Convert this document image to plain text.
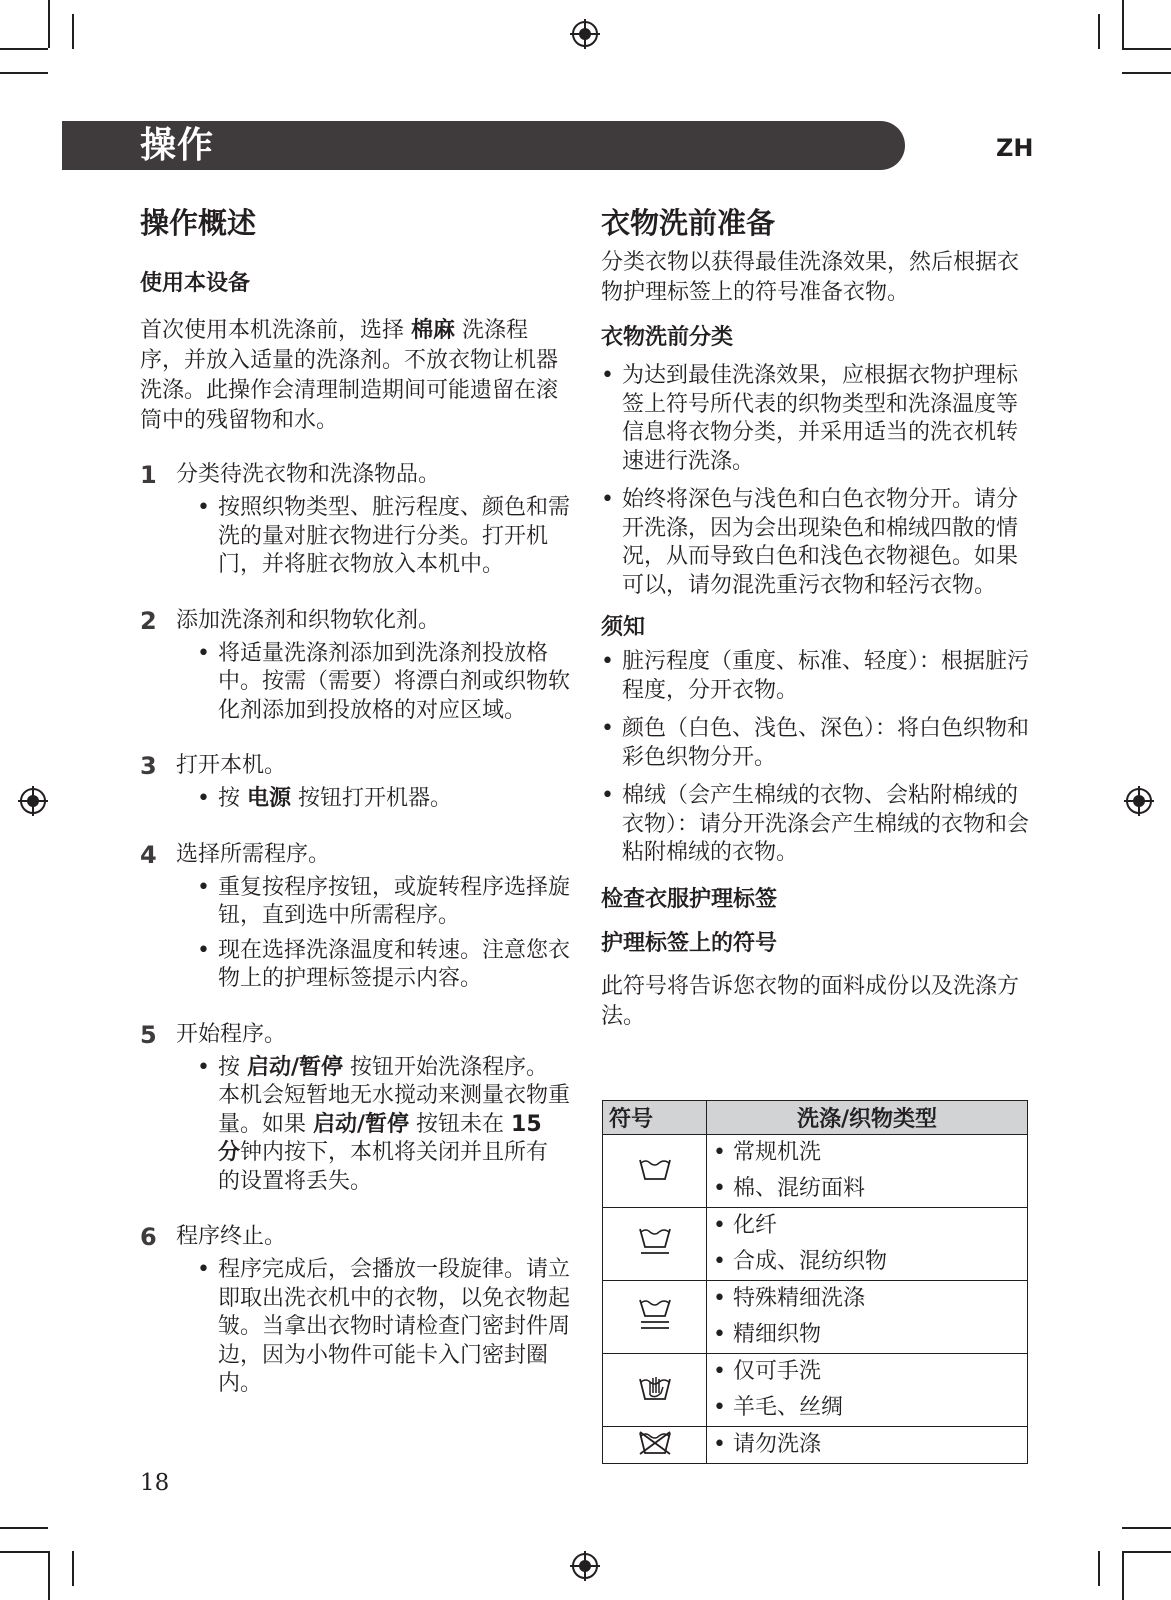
操作	ZH
操作概述
使用本设备

首次使用本机洗涤前，选择 棉麻 洗涤程序，并放入适量的洗涤剂。不放衣物让机器洗涤。此操作会清理制造期间可能遗留在滚筒中的残留物和水。

1 分类待洗衣物和洗涤物品。
• 按照织物类型、脏污程度、颜色和需洗的量对脏衣物进行分类。打开机门，并将脏衣物放入本机中。
2 添加洗涤剂和织物软化剂。
• 将适量洗涤剂添加到洗涤剂投放格中。按需（需要）将漂白剂或织物软化剂添加到投放格的对应区域。
3 打开本机。
• 按 电源 按钮打开机器。
4 选择所需程序。
• 重复按程序按钮，或旋转程序选择旋钮，直到选中所需程序。
• 现在选择洗涤温度和转速。注意您衣物上的护理标签提示内容。
5 开始程序。
• 按 启动/暂停 按钮开始洗涤程序。本机会短暂地无水搅动来测量衣物重量。如果 启动/暂停 按钮未在 15 分钟内按下，本机将关闭并且所有的设置将丢失。
6 程序终止。
• 程序完成后，会播放一段旋律。请立即取出洗衣机中的衣物，以免衣物起皱。当拿出衣物时请检查门密封件周边，因为小物件可能卡入门密封圈内。
衣物洗前准备

分类衣物以获得最佳洗涤效果，然后根据衣物护理标签上的符号准备衣物。

衣物洗前分类
• 为达到最佳洗涤效果，应根据衣物护理标签上符号所代表的织物类型和洗涤温度等信息将衣物分类，并采用适当的洗衣机转速进行洗涤。
• 始终将深色与浅色和白色衣物分开。请分开洗涤，因为会出现染色和棉绒四散的情况，从而导致白色和浅色衣物褪色。如果可以，请勿混洗重污衣物和轻污衣物。
须知
• 脏污程度（重度、标准、轻度）：根据脏污程度，分开衣物。
• 颜色（白色、浅色、深色）：将白色织物和彩色织物分开。
• 棉绒（会产生棉绒的衣物、会粘附棉绒的衣物）：请分开洗涤会产生棉绒的衣物和会粘附棉绒的衣物。
检查衣服护理标签
护理标签上的符号

此符号将告诉您衣物的面料成份以及洗涤方法。

符号	洗涤/织物类型

• 常规机洗
• 棉、混纺面料

• 化纤
• 合成、混纺织物

• 特殊精细洗涤
• 精细织物

• 仅可手洗
• 羊毛、丝绸

• 请勿洗涤
18
